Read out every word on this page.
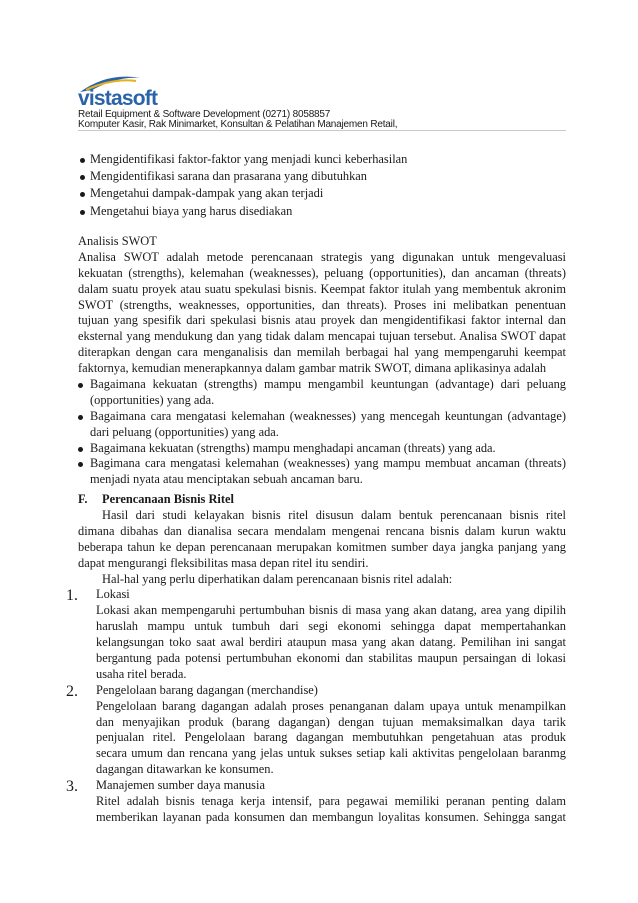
vistasoft
Retail Equipment & Software Development (0271) 8058857
Komputer Kasir, Rak Minimarket, Konsultan & Pelatihan Manajemen Retail,
Mengidentifikasi faktor-faktor yang menjadi kunci keberhasilan
Mengidentifikasi sarana dan prasarana yang dibutuhkan
Mengetahui dampak-dampak yang akan terjadi
Mengetahui biaya yang harus disediakan
Analisis SWOT
Analisa SWOT adalah metode perencanaan strategis yang digunakan untuk mengevaluasi
kekuatan (strengths), kelemahan (weaknesses), peluang (opportunities), dan ancaman (threats)
dalam suatu proyek atau suatu spekulasi bisnis. Keempat faktor itulah yang membentuk akronim
SWOT (strengths, weaknesses, opportunities, dan threats). Proses ini melibatkan penentuan
tujuan yang spesifik dari spekulasi bisnis atau proyek dan mengidentifikasi faktor internal dan
eksternal yang mendukung dan yang tidak dalam mencapai tujuan tersebut. Analisa SWOT dapat
diterapkan dengan cara menganalisis dan memilah berbagai hal yang mempengaruhi keempat
faktornya, kemudian menerapkannya dalam gambar matrik SWOT, dimana aplikasinya adalah
Bagaimana kekuatan (strengths) mampu mengambil keuntungan (advantage) dari peluang
(opportunities) yang ada.
Bagaimana cara mengatasi kelemahan (weaknesses) yang mencegah keuntungan (advantage)
dari peluang (opportunities) yang ada.
Bagaimana kekuatan (strengths) mampu menghadapi ancaman (threats) yang ada.
Bagimana cara mengatasi kelemahan (weaknesses) yang mampu membuat ancaman (threats)
menjadi nyata atau menciptakan sebuah ancaman baru.
F. Perencanaan Bisnis Ritel
Hasil dari studi kelayakan bisnis ritel disusun dalam bentuk perencanaan bisnis ritel
dimana dibahas dan dianalisa secara mendalam mengenai rencana bisnis dalam kurun waktu
beberapa tahun ke depan perencanaan merupakan komitmen sumber daya jangka panjang yang
dapat mengurangi fleksibilitas masa depan ritel itu sendiri.
Hal-hal yang perlu diperhatikan dalam perencanaan bisnis ritel adalah:
1. Lokasi
Lokasi akan mempengaruhi pertumbuhan bisnis di masa yang akan datang, area yang dipilih
haruslah mampu untuk tumbuh dari segi ekonomi sehingga dapat mempertahankan
kelangsungan toko saat awal berdiri ataupun masa yang akan datang. Pemilihan ini sangat
bergantung pada potensi pertumbuhan ekonomi dan stabilitas maupun persaingan di lokasi
usaha ritel berada.
2. Pengelolaan barang dagangan (merchandise)
Pengelolaan barang dagangan adalah proses penanganan dalam upaya untuk menampilkan
dan menyajikan produk (barang dagangan) dengan tujuan memaksimalkan daya tarik
penjualan ritel. Pengelolaan barang dagangan membutuhkan pengetahuan atas produk
secara umum dan rencana yang jelas untuk sukses setiap kali aktivitas pengelolaan baranmg
dagangan ditawarkan ke konsumen.
3. Manajemen sumber daya manusia
Ritel adalah bisnis tenaga kerja intensif, para pegawai memiliki peranan penting dalam
memberikan layanan pada konsumen dan membangun loyalitas konsumen. Sehingga sangat
